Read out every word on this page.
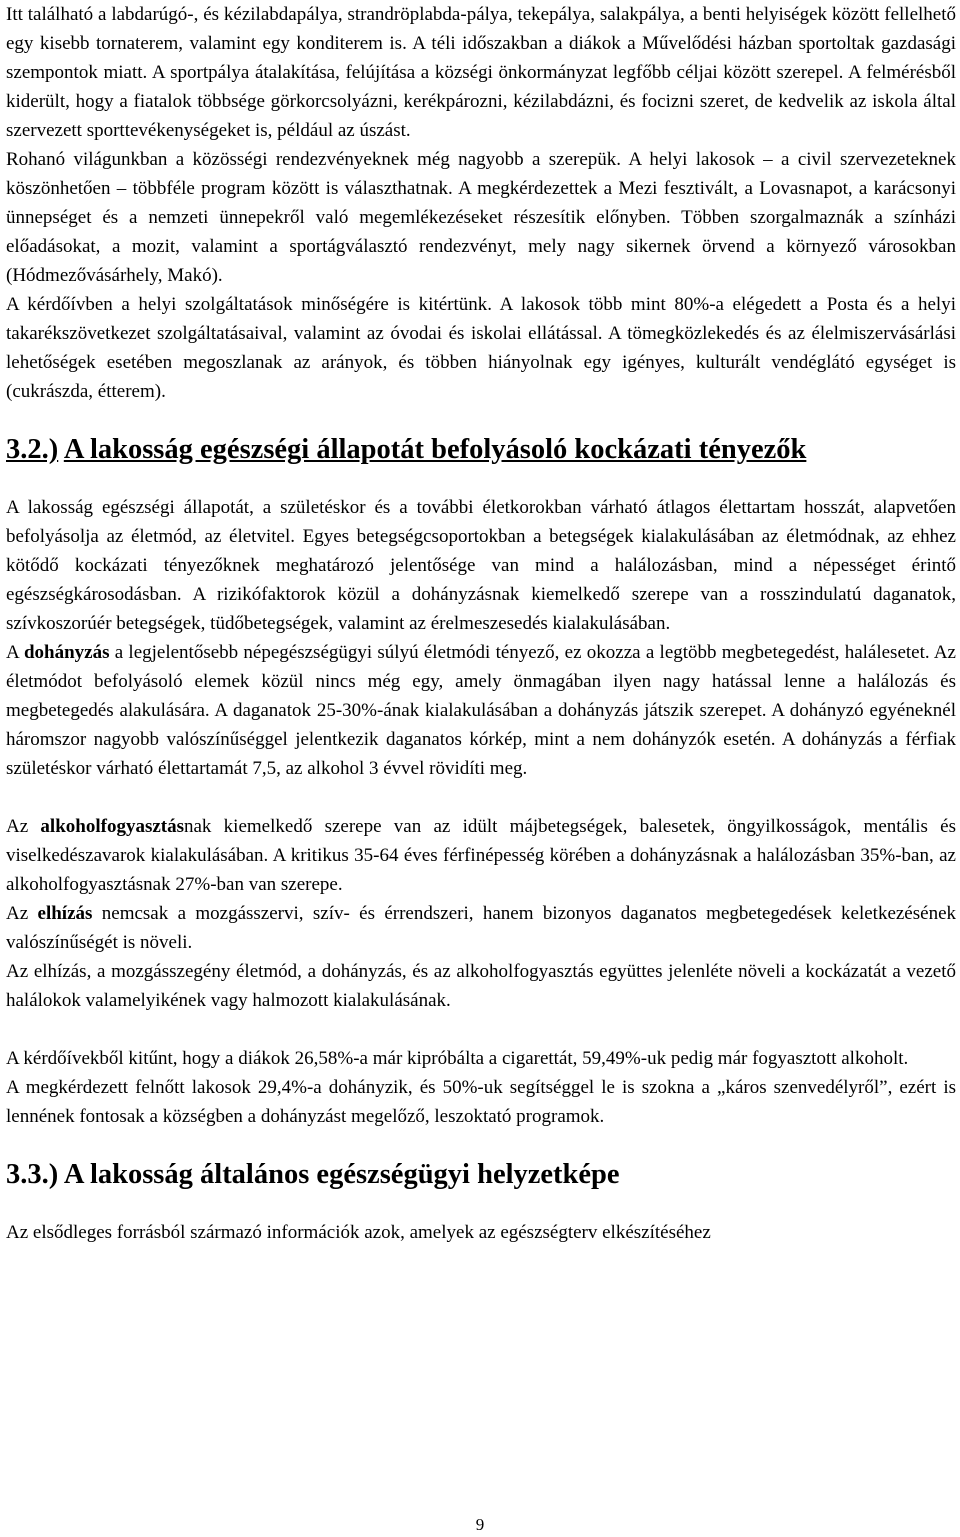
Itt található a labdarúgó-, és kézilabdapálya, strandröplabda-pálya, tekepálya, salakpálya, a benti helyiségek között fellelhető egy kisebb tornaterem, valamint egy konditerem is. A téli időszakban a diákok a Művelődési házban sportoltak gazdasági szempontok miatt. A sportpálya átalakítása, felújítása a községi önkormányzat legfőbb céljai között szerepel. A felmérésből kiderült, hogy a fiatalok többsége görkorcsolyázni, kerékpározni, kézilabdázni, és focizni szeret, de kedvelik az iskola által szervezett sporttevékenységeket is, például az úszást.

Rohanó világunkban a közösségi rendezvényeknek még nagyobb a szerepük. A helyi lakosok – a civil szervezeteknek köszönhetően – többféle program között is választhatnak. A megkérdezettek a Mezi fesztivált, a Lovasnapot, a karácsonyi ünnepséget és a nemzeti ünnepekről való megemlékezéseket részesítik előnyben. Többen szorgalmaznák a színházi előadásokat, a mozit, valamint a sportágválasztó rendezvényt, mely nagy sikernek örvend a környező városokban (Hódmezővásárhely, Makó).

A kérdőívben a helyi szolgáltatások minőségére is kitértünk. A lakosok több mint 80%-a elégedett a Posta és a helyi takarékszövetkezet szolgáltatásaival, valamint az óvodai és iskolai ellátással. A tömegközlekedés és az élelmiszervásárlási lehetőségek esetében megoszlanak az arányok, és többen hiányolnak egy igényes, kulturált vendéglátó egységet is (cukrászda, étterem).

3.2.) A lakosság egészségi állapotát befolyásoló kockázati tényezők

A lakosság egészségi állapotát, a születéskor és a további életkorokban várható átlagos élettartam hosszát, alapvetően befolyásolja az életmód, az életvitel. Egyes betegségcsoportokban a betegségek kialakulásában az életmódnak, az ehhez kötődő kockázati tényezőknek meghatározó jelentősége van mind a halálozásban, mind a népességet érintő egészségkárosodásban. A rizikófaktorok közül a dohányzásnak kiemelkedő szerepe van a rosszindulatú daganatok, szívkoszorúér betegségek, tüdőbetegségek, valamint az érelmeszesedés kialakulásában.

A dohányzás a legjelentősebb népegészségügyi súlyú életmódi tényező, ez okozza a legtöbb megbetegedést, halálesetet. Az életmódot befolyásoló elemek közül nincs még egy, amely önmagában ilyen nagy hatással lenne a halálozás és megbetegedés alakulására. A daganatok 25-30%-ának kialakulásában a dohányzás játszik szerepet. A dohányzó egyéneknél háromszor nagyobb valószínűséggel jelentkezik daganatos kórkép, mint a nem dohányzók esetén. A dohányzás a férfiak születéskor várható élettartamát 7,5, az alkohol 3 évvel rövidíti meg.

Az alkoholfogyasztásnak kiemelkedő szerepe van az idült májbetegségek, balesetek, öngyilkosságok, mentális és viselkedészavarok kialakulásában. A kritikus 35-64 éves férfinépesség körében a dohányzásnak a halálozásban 35%-ban, az alkoholfogyasztásnak 27%-ban van szerepe.

Az elhízás nemcsak a mozgásszervi, szív- és érrendszeri, hanem bizonyos daganatos megbetegedések keletkezésének valószínűségét is növeli.

Az elhízás, a mozgásszegény életmód, a dohányzás, és az alkoholfogyasztás együttes jelenléte növeli a kockázatát a vezető halálokok valamelyikének vagy halmozott kialakulásának.

A kérdőívekből kitűnt, hogy a diákok 26,58%-a már kipróbálta a cigarettát, 59,49%-uk pedig már fogyasztott alkoholt.

A megkérdezett felnőtt lakosok 29,4%-a dohányzik, és 50%-uk segítséggel le is szokna a „káros szenvedélyről”, ezért is lennének fontosak a községben a dohányzást megelőző, leszoktató programok.

3.3.) A lakosság általános egészségügyi helyzetképe

Az elsődleges forrásból származó információk azok, amelyek az egészségterv elkészítéséhez

9
